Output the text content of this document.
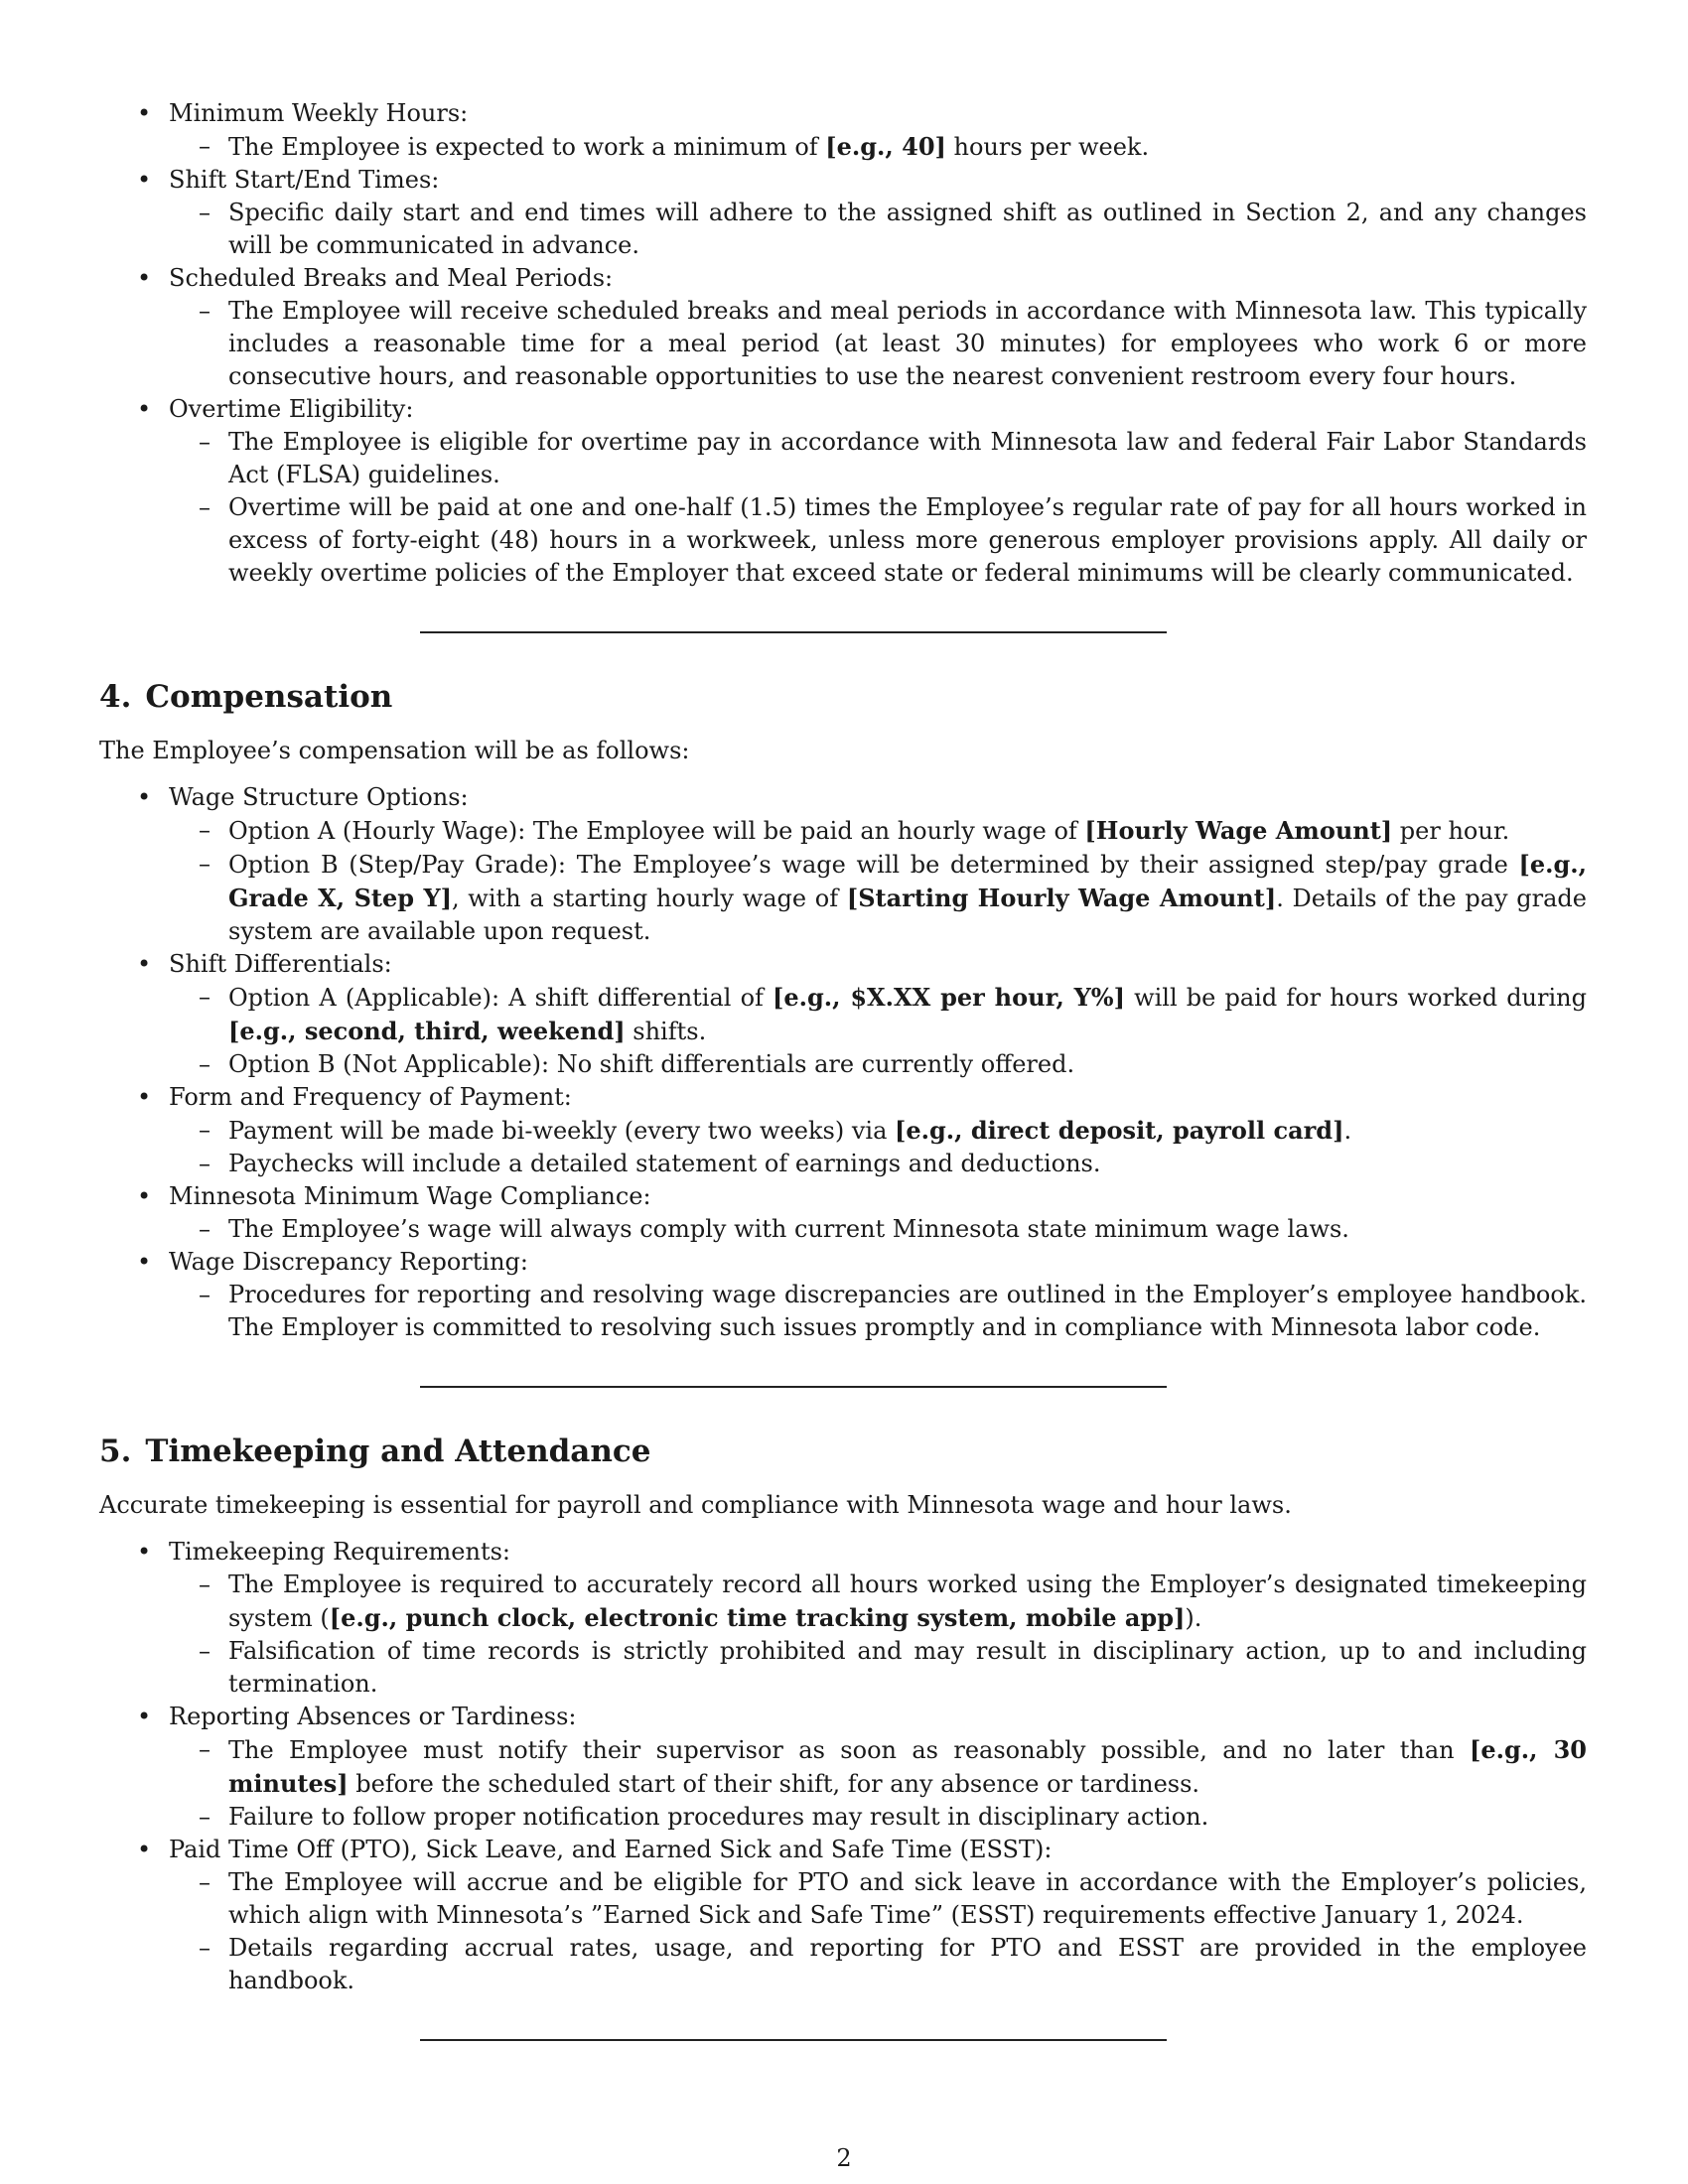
• Minimum Weekly Hours:
– The Employee is expected to work a minimum of [e.g., 40] hours per week.
• Shift Start/End Times:
– Specific daily start and end times will adhere to the assigned shift as outlined in Section 2, and any changes will be communicated in advance.
• Scheduled Breaks and Meal Periods:
– The Employee will receive scheduled breaks and meal periods in accordance with Minnesota law. This typically includes a reasonable time for a meal period (at least 30 minutes) for employees who work 6 or more consecutive hours, and reasonable opportunities to use the nearest convenient restroom every four hours.
• Overtime Eligibility:
– The Employee is eligible for overtime pay in accordance with Minnesota law and federal Fair Labor Standards Act (FLSA) guidelines.
– Overtime will be paid at one and one-half (1.5) times the Employee’s regular rate of pay for all hours worked in excess of forty-eight (48) hours in a workweek, unless more generous employer provisions apply. All daily or weekly overtime policies of the Employer that exceed state or federal minimums will be clearly communicated.
4. Compensation

The Employee’s compensation will be as follows:

• Wage Structure Options:
– Option A (Hourly Wage): The Employee will be paid an hourly wage of [Hourly Wage Amount] per hour.
– Option B (Step/Pay Grade): The Employee’s wage will be determined by their assigned step/pay grade [e.g., Grade X, Step Y], with a starting hourly wage of [Starting Hourly Wage Amount]. Details of the pay grade system are available upon request.
• Shift Differentials:
– Option A (Applicable): A shift differential of [e.g., $X.XX per hour, Y%] will be paid for hours worked during [e.g., second, third, weekend] shifts.
– Option B (Not Applicable): No shift differentials are currently offered.
• Form and Frequency of Payment:
– Payment will be made bi-weekly (every two weeks) via [e.g., direct deposit, payroll card].
– Paychecks will include a detailed statement of earnings and deductions.
• Minnesota Minimum Wage Compliance:
– The Employee’s wage will always comply with current Minnesota state minimum wage laws.
• Wage Discrepancy Reporting:
– Procedures for reporting and resolving wage discrepancies are outlined in the Employer’s employee handbook. The Employer is committed to resolving such issues promptly and in compliance with Minnesota labor code.
5. Timekeeping and Attendance

Accurate timekeeping is essential for payroll and compliance with Minnesota wage and hour laws.

• Timekeeping Requirements:
– The Employee is required to accurately record all hours worked using the Employer’s designated timekeeping system ([e.g., punch clock, electronic time tracking system, mobile app]).
– Falsification of time records is strictly prohibited and may result in disciplinary action, up to and including termination.
• Reporting Absences or Tardiness:
– The Employee must notify their supervisor as soon as reasonably possible, and no later than [e.g., 30 minutes] before the scheduled start of their shift, for any absence or tardiness.
– Failure to follow proper notification procedures may result in disciplinary action.
• Paid Time Off (PTO), Sick Leave, and Earned Sick and Safe Time (ESST):
– The Employee will accrue and be eligible for PTO and sick leave in accordance with the Employer’s policies, which align with Minnesota’s ”Earned Sick and Safe Time” (ESST) requirements effective January 1, 2024.
– Details regarding accrual rates, usage, and reporting for PTO and ESST are provided in the employee handbook.
2
